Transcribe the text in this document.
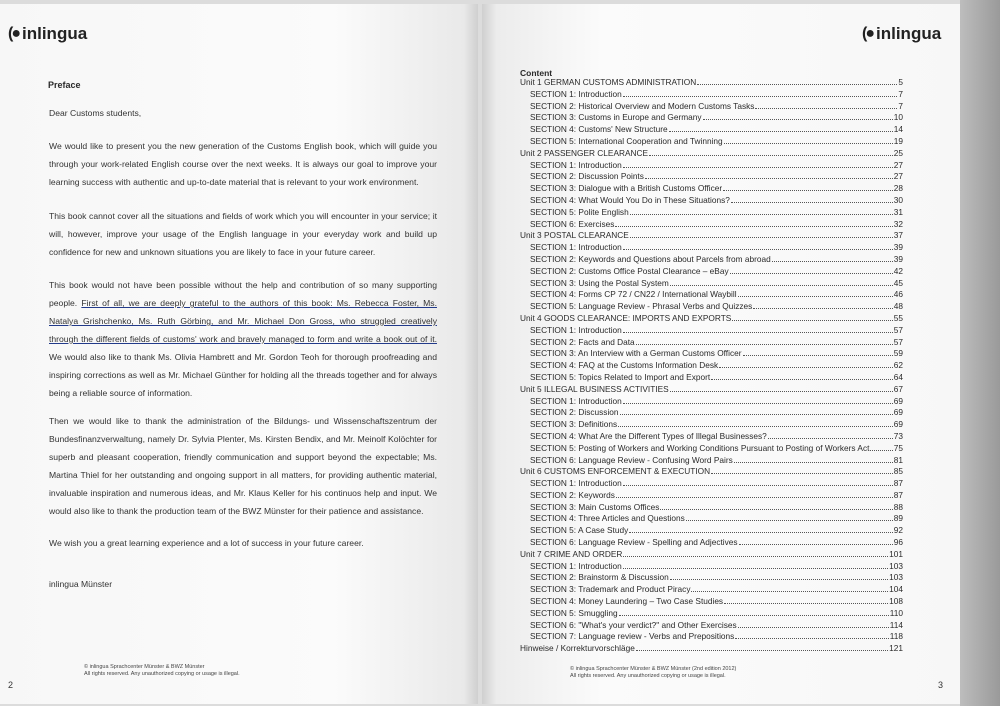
(● inlingua
Preface
Dear Customs students,
We would like to present you the new generation of the Customs English book, which will guide you through your work-related English course over the next weeks. It is always our goal to improve your learning success with authentic and up-to-date material that is relevant to your work environment.
This book cannot cover all the situations and fields of work which you will encounter in your service; it will, however, improve your usage of the English language in your everyday work and build up confidence for new and unknown situations you are likely to face in your future career.
This book would not have been possible without the help and contribution of so many supporting people. First of all, we are deeply grateful to the authors of this book: Ms. Rebecca Foster, Ms. Natalya Grishchenko, Ms. Ruth Görbing, and Mr. Michael Don Gross, who struggled creatively through the different fields of customs' work and bravely managed to form and write a book out of it. We would also like to thank Ms. Olivia Hambrett and Mr. Gordon Teoh for thorough proofreading and inspiring corrections as well as Mr. Michael Günther for holding all the threads together and for always being a reliable source of information.
Then we would like to thank the administration of the Bildungs- und Wissenschaftszentrum der Bundesfinanzverwaltung, namely Dr. Sylvia Plenter, Ms. Kirsten Bendix, and Mr. Meinolf Kolöchter for superb and pleasant cooperation, friendly communication and support beyond the expectable; Ms. Martina Thiel for her outstanding and ongoing support in all matters, for providing authentic material, invaluable inspiration and numerous ideas, and Mr. Klaus Keller for his continuos help and input. We would also like to thank the production team of the BWZ Münster for their patience and assistance.
We wish you a great learning experience and a lot of success in your future career.
inlingua Münster
© inlingua Sprachcenter Münster & BWZ Münster
All rights reserved. Any unauthorized copying or usage is illegal.
2
(● inlingua
Content
Unit 1 GERMAN CUSTOMS ADMINISTRATION	5
SECTION 1: Introduction	7
SECTION 2: Historical Overview and Modern Customs Tasks	7
SECTION 3: Customs in Europe and Germany	10
SECTION 4: Customs' New Structure	14
SECTION 5: International Cooperation and Twinning	19
Unit 2 PASSENGER CLEARANCE	25
SECTION 1: Introduction	27
SECTION 2: Discussion Points	27
SECTION 3: Dialogue with a British Customs Officer	28
SECTION 4: What Would You Do in These Situations?	30
SECTION 5: Polite English	31
SECTION 6: Exercises	32
Unit 3 POSTAL CLEARANCE	37
SECTION 1: Introduction	39
SECTION 2: Keywords and Questions about Parcels from abroad	39
SECTION 2: Customs Office Postal Clearance – eBay	42
SECTION 3: Using the Postal System	45
SECTION 4: Forms CP 72 / CN22 / International Waybill	46
SECTION 5: Language Review - Phrasal Verbs and Quizzes	48
Unit 4 GOODS CLEARANCE: IMPORTS AND EXPORTS	55
SECTION 1: Introduction	57
SECTION 2: Facts and Data	57
SECTION 3: An Interview with a German Customs Officer	59
SECTION 4: FAQ at the Customs Information Desk	62
SECTION 5: Topics Related to Import and Export	64
Unit 5 ILLEGAL BUSINESS ACTIVITIES	67
SECTION 1: Introduction	69
SECTION 2: Discussion	69
SECTION 3: Definitions	69
SECTION 4: What Are the Different Types of Illegal Businesses?	73
SECTION 5: Posting of Workers and Working Conditions Pursuant to Posting of Workers Act	75
SECTION 6: Language Review - Confusing Word Pairs	81
Unit 6 CUSTOMS ENFORCEMENT & EXECUTION	85
SECTION 1: Introduction	87
SECTION 2: Keywords	87
SECTION 3: Main Customs Offices	88
SECTION 4: Three Articles and Questions	89
SECTION 5: A Case Study	92
SECTION 6: Language Review - Spelling and Adjectives	96
Unit 7 CRIME AND ORDER	101
SECTION 1: Introduction	103
SECTION 2: Brainstorm & Discussion	103
SECTION 3: Trademark and Product Piracy	104
SECTION 4: Money Laundering – Two Case Studies	108
SECTION 5: Smuggling	110
SECTION 6: "What's your verdict?" and Other Exercises	114
SECTION 7: Language review - Verbs and Prepositions	118
Hinweise / Korrekturvorschläge	121
© inlingua Sprachcenter Münster & BWZ Münster (2nd edition 2012)
All rights reserved. Any unauthorized copying or usage is illegal.
3
